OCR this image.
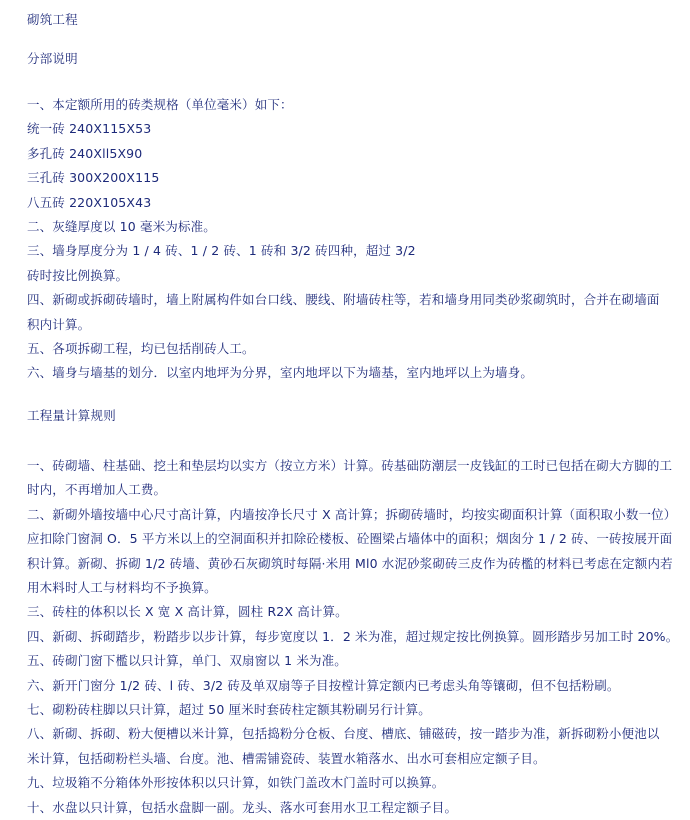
砌筑工程
分部说明
一、本定额所用的砖类规格（单位毫米）如下：
统一砖 240X115X53
多孔砖 240Xll5X90
三孔砖 300X200X115
八五砖 220X105X43
二、灰缝厚度以 10 毫米为标准。
三、墙身厚度分为 1 / 4 砖、1 / 2 砖、1 砖和 3/2 砖四种，超过 3/2
砖时按比例换算。
四、新砌或拆砌砖墙时，墙上附属构件如台口线、腰线、附墙砖柱等，若和墙身用同类砂浆砌筑时，合并在砌墙面
积内计算。
五、各项拆砌工程，均已包括削砖人工。
六、墙身与墙基的划分．以室内地坪为分界，室内地坪以下为墙基，室内地坪以上为墙身。
工程量计算规则
一、砖砌墙、柱基础、挖土和垫层均以实方（按立方米）计算。砖基础防潮层一皮钱缸的工时已包括在砌大方脚的工
时内，不再增加人工费。
二、新砌外墙按墙中心尺寸高计算，内墙按净长尺寸 X 高计算；拆砌砖墙时，均按实砌面积计算（面积取小数一位）
应扣除门窗洞 O．5 平方米以上的空洞面积并扣除砼楼板、砼圈梁占墙体中的面积；烟囱分 1 / 2 砖、一砖按展开面
积计算。新砌、拆砌 1/2 砖墙、黄砂石灰砌筑时每隔·米用 Ml0 水泥砂浆砌砖三皮作为砖檻的材料已考虑在定额内若
用木料时人工与材料均不予换算。
三、砖柱的体积以长 X 宽 X 高计算，圆柱 R2X 高计算。
四、新砌、拆砌踏步，粉踏步以步计算，每步宽度以 1．2 米为准，超过规定按比例换算。圆形踏步另加工时 20%。
五、砖砌门窗下檻以只计算，单门、双扇窗以 1 米为准。
六、新开门窗分 1/2 砖、l 砖、3/2 砖及单双扇等子目按樘计算定额内已考虑头角等镶砌，但不包括粉刷。
七、砌粉砖柱脚以只计算，超过 50 厘米时套砖柱定额其粉刷另行计算。
八、新砌、拆砌、粉大便槽以米计算，包括捣粉分仓板、台度、槽底、铺磁砖，按一踏步为准，新拆砌粉小便池以
米计算，包括砌粉栏头墙、台度。池、槽需铺瓷砖、装置水箱落水、出水可套相应定额子目。
九、垃圾箱不分箱体外形按体积以只计算，如铁门盖改木门盖时可以换算。
十、水盘以只计算，包括水盘脚一副。龙头、落水可套用水卫工程定额子目。
